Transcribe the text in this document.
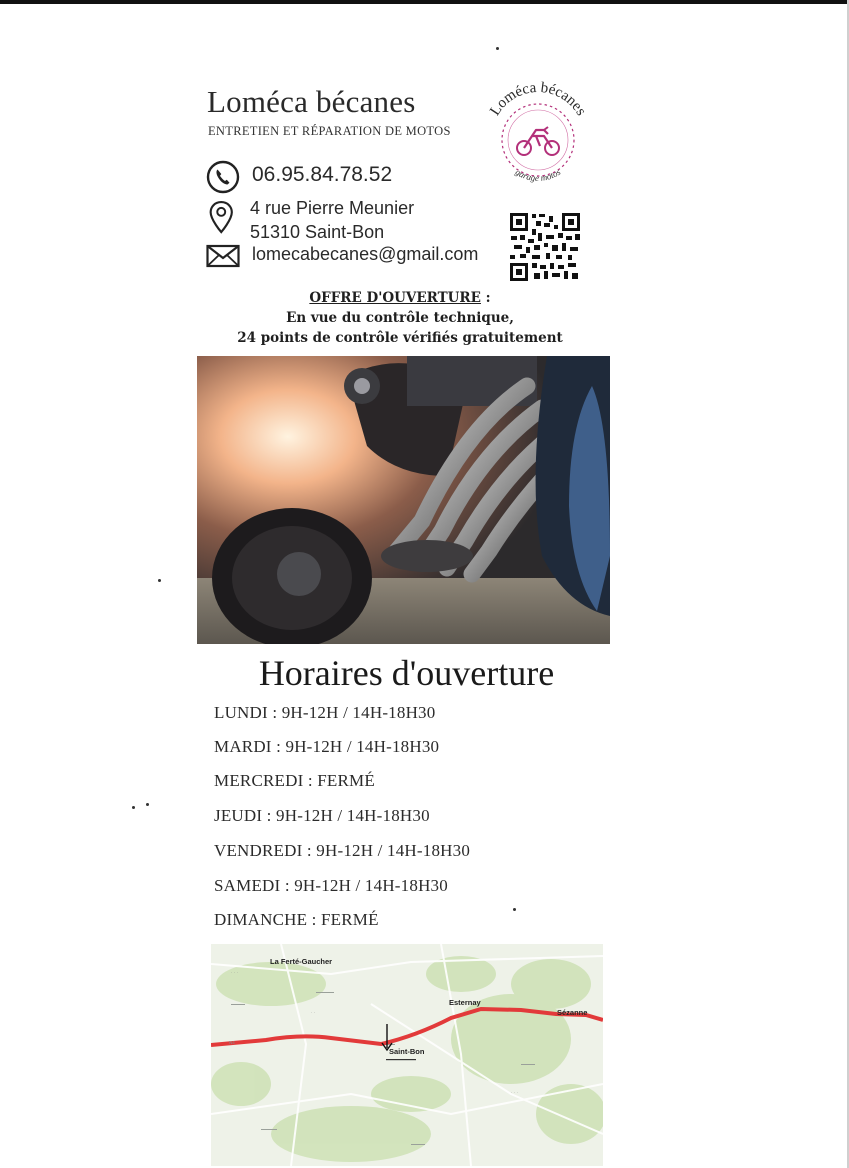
Loméca bécanes
ENTRETIEN ET RÉPARATION DE MOTOS
06.95.84.78.52
4 rue Pierre Meunier
51310 Saint-Bon
lomecabecanes@gmail.com
Loméca bécanes
garage motos
OFFRE D'OUVERTURE :
En vue du contrôle technique,
24 points de contrôle vérifiés gratuitement
Horaires d'ouverture
LUNDI : 9H-12H / 14H-18H30
MARDI : 9H-12H / 14H-18H30
MERCREDI : FERMÉ
JEUDI : 9H-12H / 14H-18H30
VENDREDI : 9H-12H / 14H-18H30
SAMEDI : 9H-12H / 14H-18H30
DIMANCHE : FERMÉ
· · ·
· ·
· · ·
La Ferté-Gaucher
Esternay
Sézanne
Saint-Bon
N4
